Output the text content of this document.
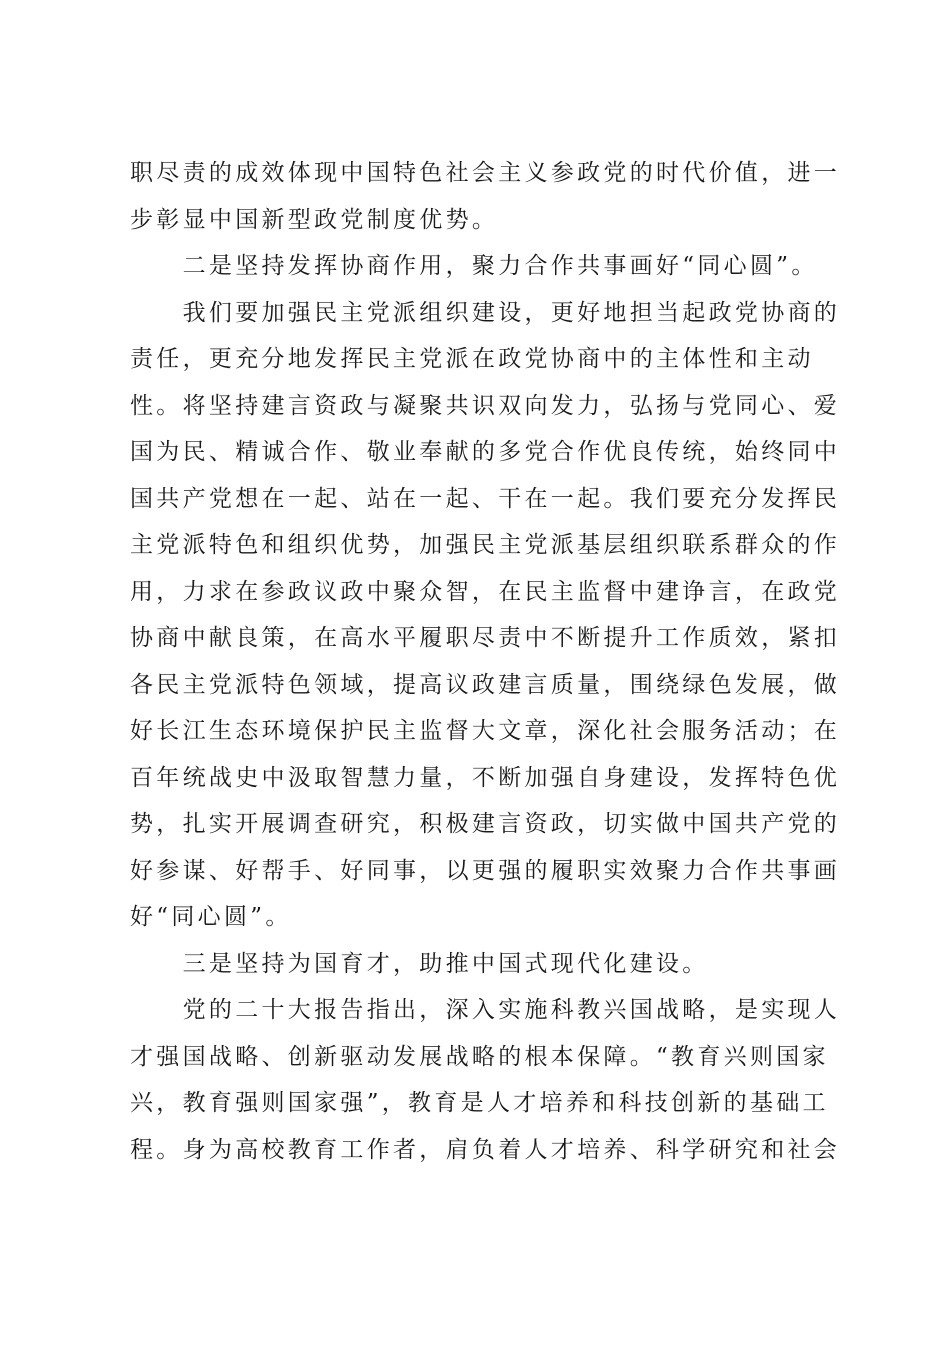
职尽责的成效体现中国特色社会主义参政党的时代价值，进一
步彰显中国新型政党制度优势。
　　二是坚持发挥协商作用，聚力合作共事画好“同心圆”。
　　我们要加强民主党派组织建设，更好地担当起政党协商的
责任，更充分地发挥民主党派在政党协商中的主体性和主动
性。将坚持建言资政与凝聚共识双向发力，弘扬与党同心、爱
国为民、精诚合作、敬业奉献的多党合作优良传统，始终同中
国共产党想在一起、站在一起、干在一起。我们要充分发挥民
主党派特色和组织优势，加强民主党派基层组织联系群众的作
用，力求在参政议政中聚众智，在民主监督中建诤言，在政党
协商中献良策，在高水平履职尽责中不断提升工作质效，紧扣
各民主党派特色领域，提高议政建言质量，围绕绿色发展，做
好长江生态环境保护民主监督大文章，深化社会服务活动；在
百年统战史中汲取智慧力量，不断加强自身建设，发挥特色优
势，扎实开展调查研究，积极建言资政，切实做中国共产党的
好参谋、好帮手、好同事，以更强的履职实效聚力合作共事画
好“同心圆”。
　　三是坚持为国育才，助推中国式现代化建设。
　　党的二十大报告指出，深入实施科教兴国战略，是实现人
才强国战略、创新驱动发展战略的根本保障。“教育兴则国家
兴，教育强则国家强”，教育是人才培养和科技创新的基础工
程。身为高校教育工作者，肩负着人才培养、科学研究和社会
